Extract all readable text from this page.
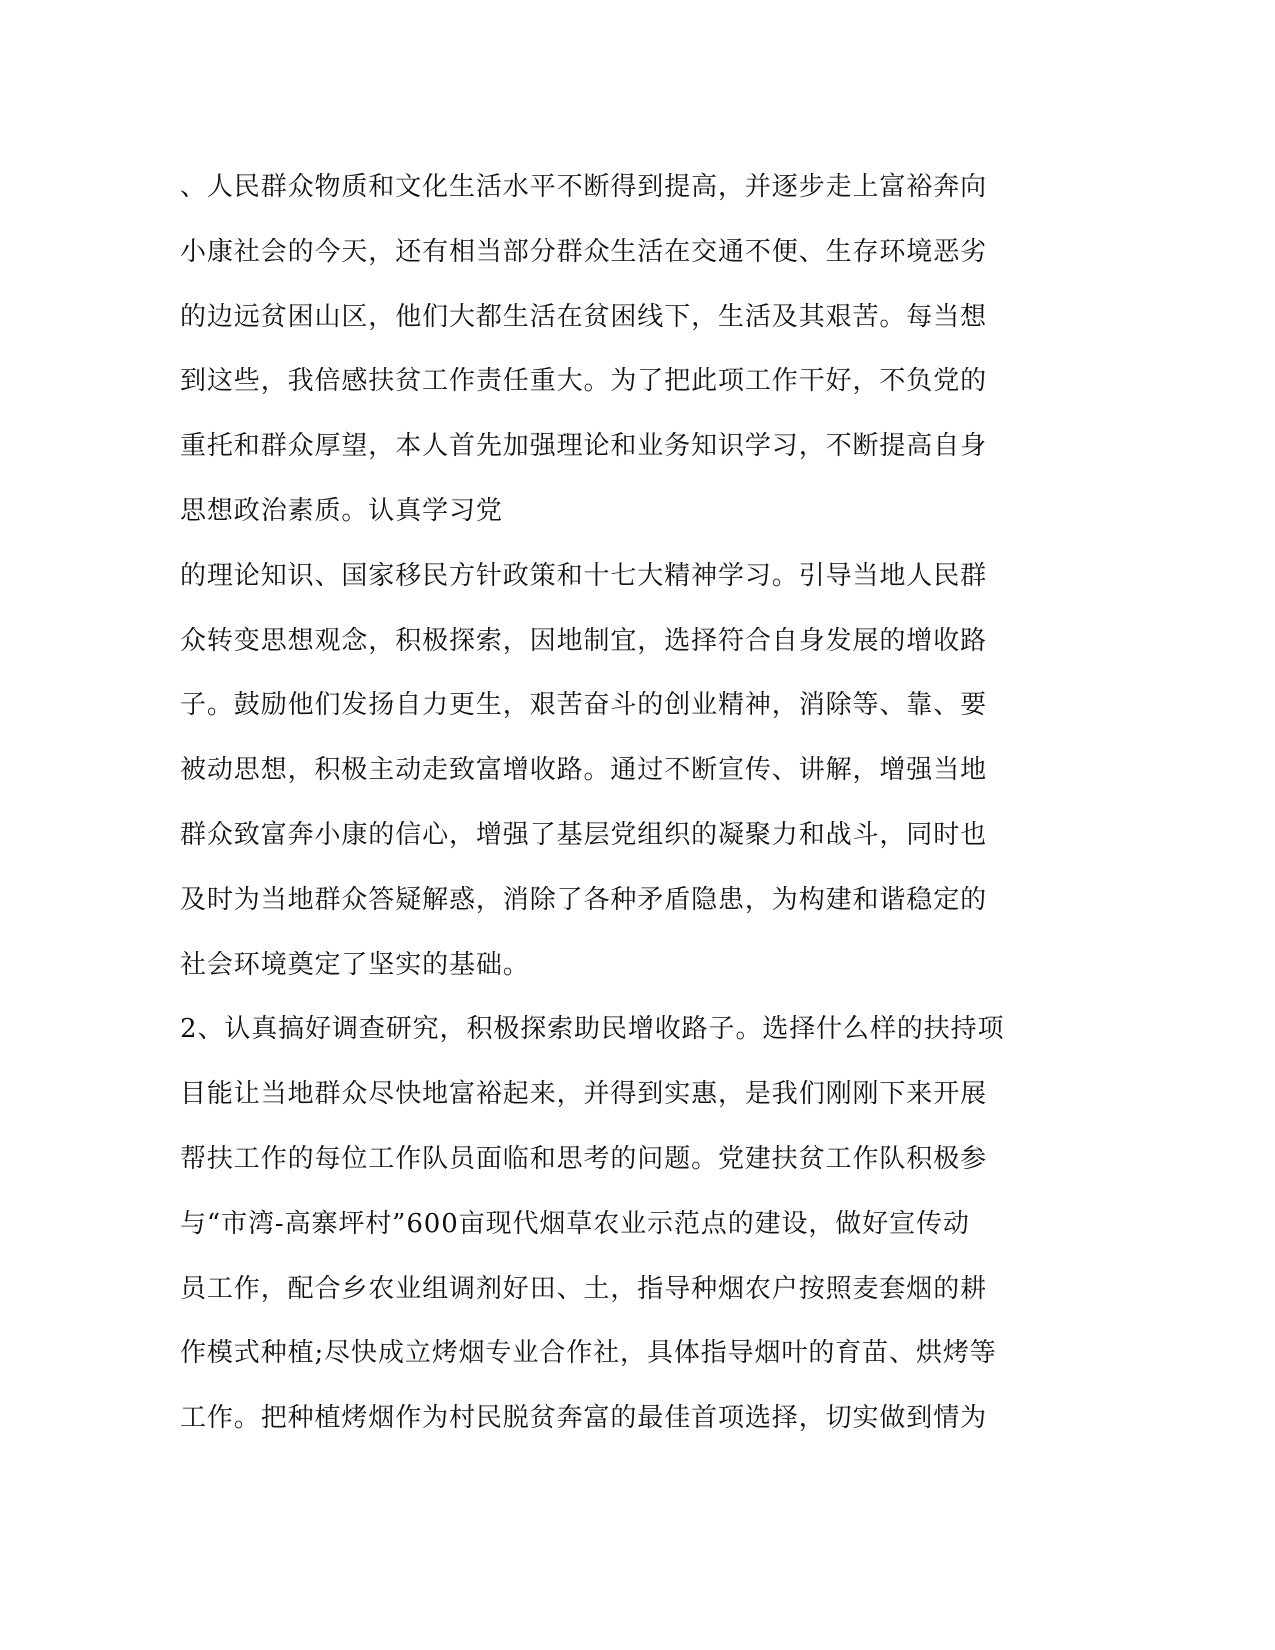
、人民群众物质和文化生活水平不断得到提高，并逐步走上富裕奔向
小康社会的今天，还有相当部分群众生活在交通不便、生存环境恶劣
的边远贫困山区，他们大都生活在贫困线下，生活及其艰苦。每当想
到这些，我倍感扶贫工作责任重大。为了把此项工作干好，不负党的
重托和群众厚望，本人首先加强理论和业务知识学习，不断提高自身
思想政治素质。认真学习党
的理论知识、国家移民方针政策和十七大精神学习。引导当地人民群
众转变思想观念，积极探索，因地制宜，选择符合自身发展的增收路
子。鼓励他们发扬自力更生，艰苦奋斗的创业精神，消除等、靠、要
被动思想，积极主动走致富增收路。通过不断宣传、讲解，增强当地
群众致富奔小康的信心，增强了基层党组织的凝聚力和战斗，同时也
及时为当地群众答疑解惑，消除了各种矛盾隐患，为构建和谐稳定的
社会环境奠定了坚实的基础。
2、认真搞好调查研究，积极探索助民增收路子。选择什么样的扶持项
目能让当地群众尽快地富裕起来，并得到实惠，是我们刚刚下来开展
帮扶工作的每位工作队员面临和思考的问题。党建扶贫工作队积极参
与“市湾-高寨坪村”600亩现代烟草农业示范点的建设，做好宣传动
员工作，配合乡农业组调剂好田、土，指导种烟农户按照麦套烟的耕
作模式种植;尽快成立烤烟专业合作社，具体指导烟叶的育苗、烘烤等
工作。把种植烤烟作为村民脱贫奔富的最佳首项选择，切实做到情为
